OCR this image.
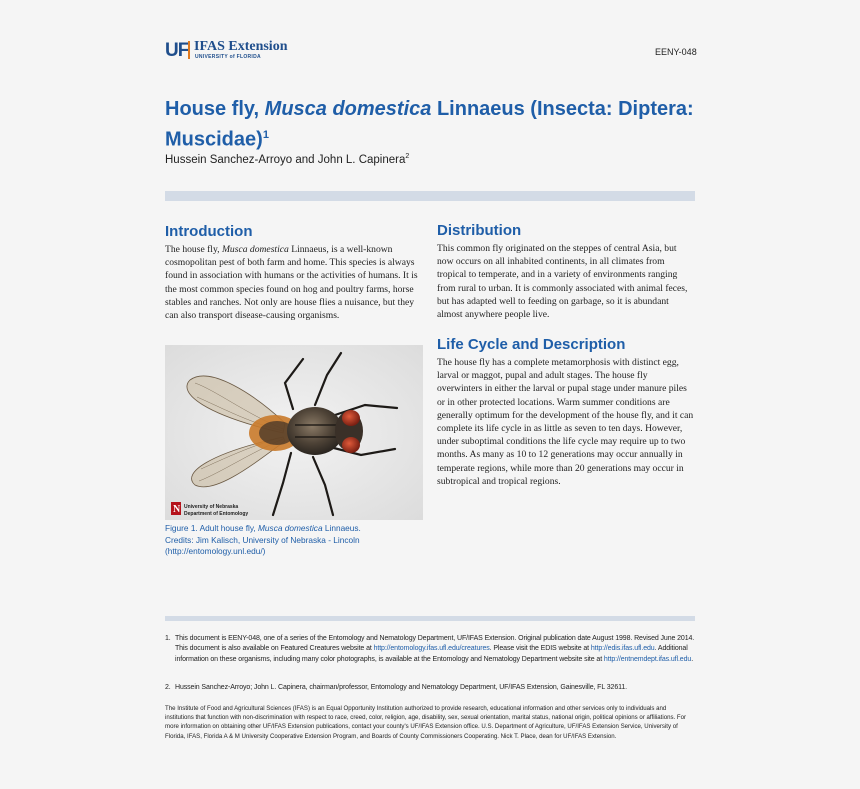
UF IFAS Extension
UNIVERSITY of FLORIDA	EENY-048
House fly, Musca domestica Linnaeus (Insecta: Diptera: Muscidae)$^1$
Hussein Sanchez-Arroyo and John L. Capinera$^2$
Introduction
The house fly, Musca domestica Linnaeus, is a well-known cosmopolitan pest of both farm and home. This species is always found in association with humans or the activities of humans. It is the most common species found on hog and poultry farms, horse stables and ranches. Not only are house flies a nuisance, but they can also transport disease-causing organisms.
N University of Nebraska
Department of Entomology
Figure 1. Adult house fly, Musca domestica Linnaeus.
Credits: Jim Kalisch, University of Nebraska - Lincoln (http://entomology.unl.edu/)
Distribution
This common fly originated on the steppes of central Asia, but now occurs on all inhabited continents, in all climates from tropical to temperate, and in a variety of environments ranging from rural to urban. It is commonly associated with animal feces, but has adapted well to feeding on garbage, so it is abundant almost anywhere people live.
Life Cycle and Description
The house fly has a complete metamorphosis with distinct egg, larval or maggot, pupal and adult stages. The house fly overwinters in either the larval or pupal stage under manure piles or in other protected locations. Warm summer conditions are generally optimum for the development of the house fly, and it can complete its life cycle in as little as seven to ten days. However, under suboptimal conditions the life cycle may require up to two months. As many as 10 to 12 generations may occur annually in temperate regions, while more than 20 generations may occur in subtropical and tropical regions.
1. This document is EENY-048, one of a series of the Entomology and Nematology Department, UF/IFAS Extension. Original publication date August 1998. Revised June 2014. This document is also available on Featured Creatures website at http://entomology.ifas.ufl.edu/creatures. Please visit the EDIS website at http://edis.ifas.ufl.edu. Additional information on these organisms, including many color photographs, is available at the Entomology and Nematology Department website site at http://entnemdept.ifas.ufl.edu.
2. Hussein Sanchez-Arroyo; John L. Capinera, chairman/professor, Entomology and Nematology Department, UF/IFAS Extension, Gainesville, FL 32611.
The Institute of Food and Agricultural Sciences (IFAS) is an Equal Opportunity Institution authorized to provide research, educational information and other services only to individuals and institutions that function with non-discrimination with respect to race, creed, color, religion, age, disability, sex, sexual orientation, marital status, national origin, political opinions or affiliations. For more information on obtaining other UF/IFAS Extension publications, contact your county's UF/IFAS Extension office. U.S. Department of Agriculture, UF/IFAS Extension Service, University of Florida, IFAS, Florida A & M University Cooperative Extension Program, and Boards of County Commissioners Cooperating. Nick T. Place, dean for UF/IFAS Extension.
